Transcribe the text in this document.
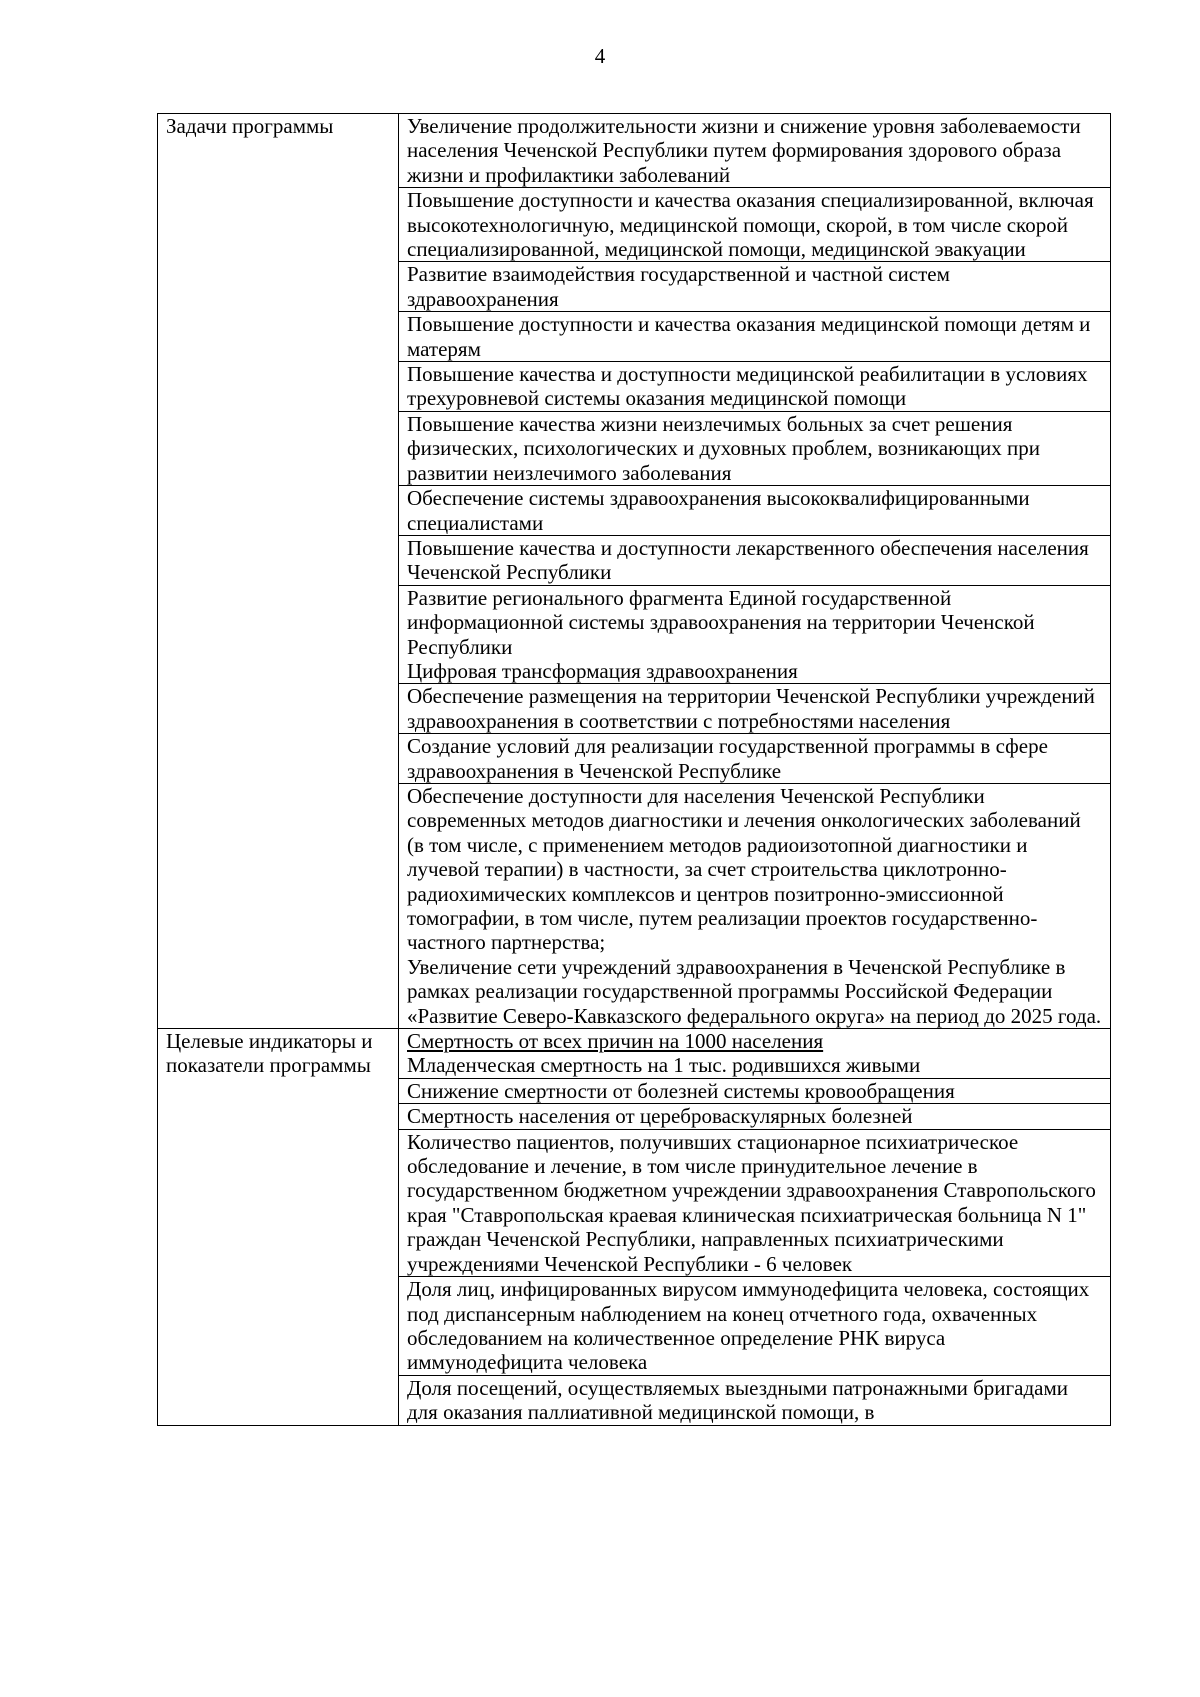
4
Задачи программы	Увеличение продолжительности жизни и снижение уровня заболеваемости населения Чеченской Республики путем формирования здорового образа жизни и профилактики заболеваний

	Повышение доступности и качества оказания специализированной, включая высокотехнологичную, медицинской помощи, скорой, в том числе скорой специализированной, медицинской помощи, медицинской эвакуации

	Развитие взаимодействия государственной и частной систем здравоохранения

	Повышение доступности и качества оказания медицинской помощи детям и матерям

	Повышение качества и доступности медицинской реабилитации в условиях трехуровневой системы оказания медицинской помощи

	Повышение качества жизни неизлечимых больных за счет решения физических, психологических и духовных проблем, возникающих при развитии неизлечимого заболевания

	Обеспечение системы здравоохранения высококвалифицированными специалистами

	Повышение качества и доступности лекарственного обеспечения населения Чеченской Республики

	Развитие регионального фрагмента Единой государственной информационной системы здравоохранения на территории Чеченской Республики
Цифровая трансформация здравоохранения

	Обеспечение размещения на территории Чеченской Республики учреждений здравоохранения в соответствии с потребностями населения

	Создание условий для реализации государственной программы в сфере здравоохранения в Чеченской Республике

	Обеспечение доступности для населения Чеченской Республики современных методов диагностики и лечения онкологических заболеваний (в том числе, с применением методов радиоизотопной диагностики и лучевой терапии) в частности, за счет строительства циклотронно-радиохимических комплексов и центров позитронно-эмиссионной томографии, в том числе, путем реализации проектов государственно-частного партнерства;
Увеличение сети учреждений здравоохранения в Чеченской Республике в рамках реализации государственной программы Российской Федерации «Развитие Северо-Кавказского федерального округа» на период до 2025 года.

Целевые индикаторы и показатели программы	Смертность от всех причин на 1000 населения
Младенческая смертность на 1 тыс. родившихся живыми

	Снижение смертности от болезней системы кровообращения

	Смертность населения от цереброваскулярных болезней

	Количество пациентов, получивших стационарное психиатрическое обследование и лечение, в том числе принудительное лечение в государственном бюджетном учреждении здравоохранения Ставропольского края "Ставропольская краевая клиническая психиатрическая больница N 1" граждан Чеченской Республики, направленных психиатрическими учреждениями Чеченской Республики - 6 человек

	Доля лиц, инфицированных вирусом иммунодефицита человека, состоящих под диспансерным наблюдением на конец отчетного года, охваченных обследованием на количественное определение РНК вируса иммунодефицита человека

	Доля посещений, осуществляемых выездными патронажными бригадами для оказания паллиативной медицинской помощи, в
